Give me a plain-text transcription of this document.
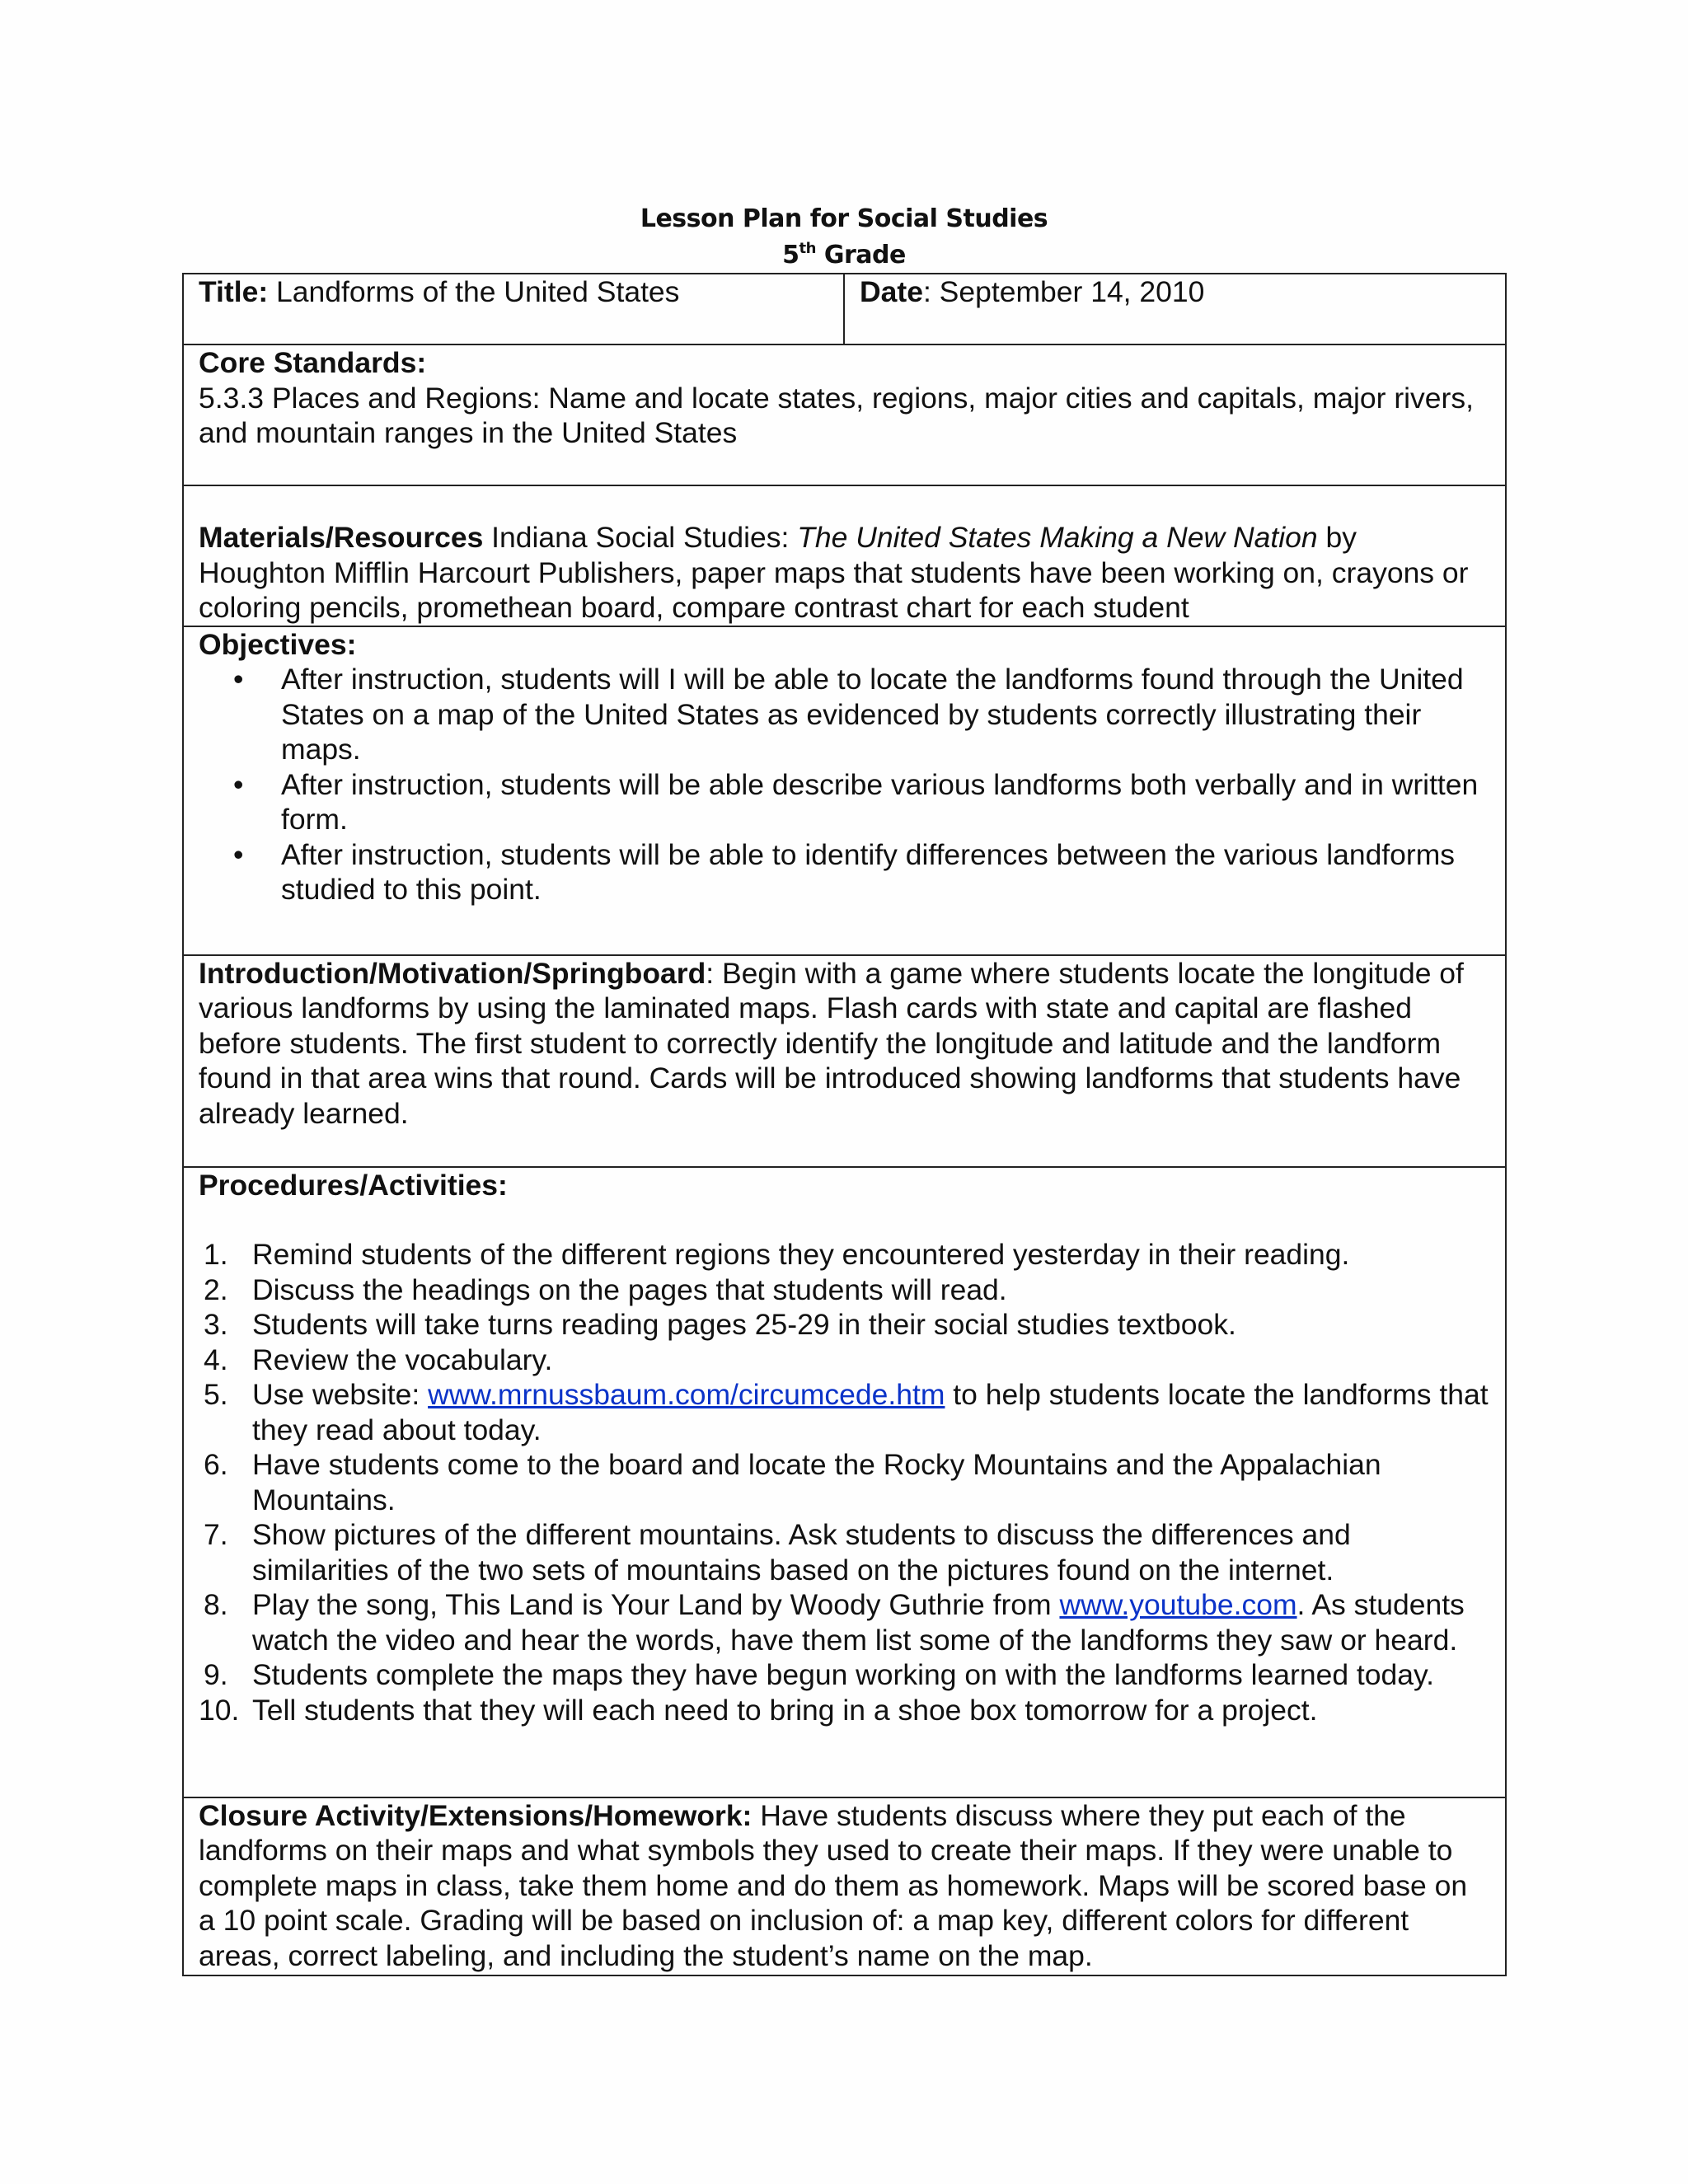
Lesson Plan for Social Studies
5th Grade
Title: Landforms of the United States	Date: September 14, 2010

Core Standards:
5.3.3 Places and Regions: Name and locate states, regions, major cities and capitals, major rivers, and mountain ranges in the United States

Materials/Resources Indiana Social Studies: The United States Making a New Nation by Houghton Mifflin Harcourt Publishers, paper maps that students have been working on, crayons or coloring pencils, promethean board, compare contrast chart for each student

Objectives:
• After instruction, students will I will be able to locate the landforms found through the United States on a map of the United States as evidenced by students correctly illustrating their maps.
• After instruction, students will be able describe various landforms both verbally and in written form.
• After instruction, students will be able to identify differences between the various landforms studied to this point.

Introduction/Motivation/Springboard: Begin with a game where students locate the longitude of various landforms by using the laminated maps. Flash cards with state and capital are flashed before students. The first student to correctly identify the longitude and latitude and the landform found in that area wins that round. Cards will be introduced showing landforms that students have already learned.

Procedures/Activities:
1. Remind students of the different regions they encountered yesterday in their reading.
2. Discuss the headings on the pages that students will read.
3. Students will take turns reading pages 25-29 in their social studies textbook.
4. Review the vocabulary.
5. Use website: www.mrnussbaum.com/circumcede.htm to help students locate the landforms that they read about today.
6. Have students come to the board and locate the Rocky Mountains and the Appalachian Mountains.
7. Show pictures of the different mountains. Ask students to discuss the differences and similarities of the two sets of mountains based on the pictures found on the internet.
8. Play the song, This Land is Your Land by Woody Guthrie from www.youtube.com. As students watch the video and hear the words, have them list some of the landforms they saw or heard.
9. Students complete the maps they have begun working on with the landforms learned today.
10. Tell students that they will each need to bring in a shoe box tomorrow for a project.

Closure Activity/Extensions/Homework: Have students discuss where they put each of the landforms on their maps and what symbols they used to create their maps. If they were unable to complete maps in class, take them home and do them as homework. Maps will be scored base on a 10 point scale. Grading will be based on inclusion of: a map key, different colors for different areas, correct labeling, and including the student’s name on the map.
